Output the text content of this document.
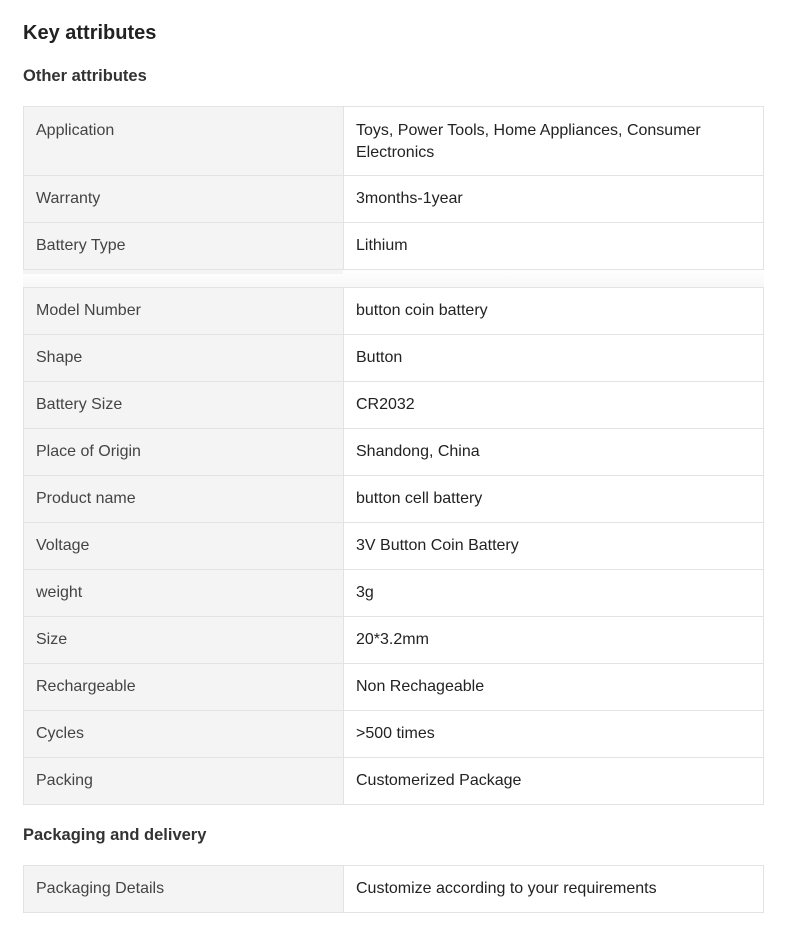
Key attributes
Other attributes
Application	Toys, Power Tools, Home Appliances, Consumer Electronics
Warranty	3months-1year
Battery Type	Lithium
Model Number	button coin battery
Shape	Button
Battery Size	CR2032
Place of Origin	Shandong, China
Product name	button cell battery
Voltage	3V Button Coin Battery
weight	3g
Size	20*3.2mm
Rechargeable	Non Rechageable
Cycles	>500 times
Packing	Customerized Package
Packaging and delivery
Packaging Details	Customize according to your requirements
